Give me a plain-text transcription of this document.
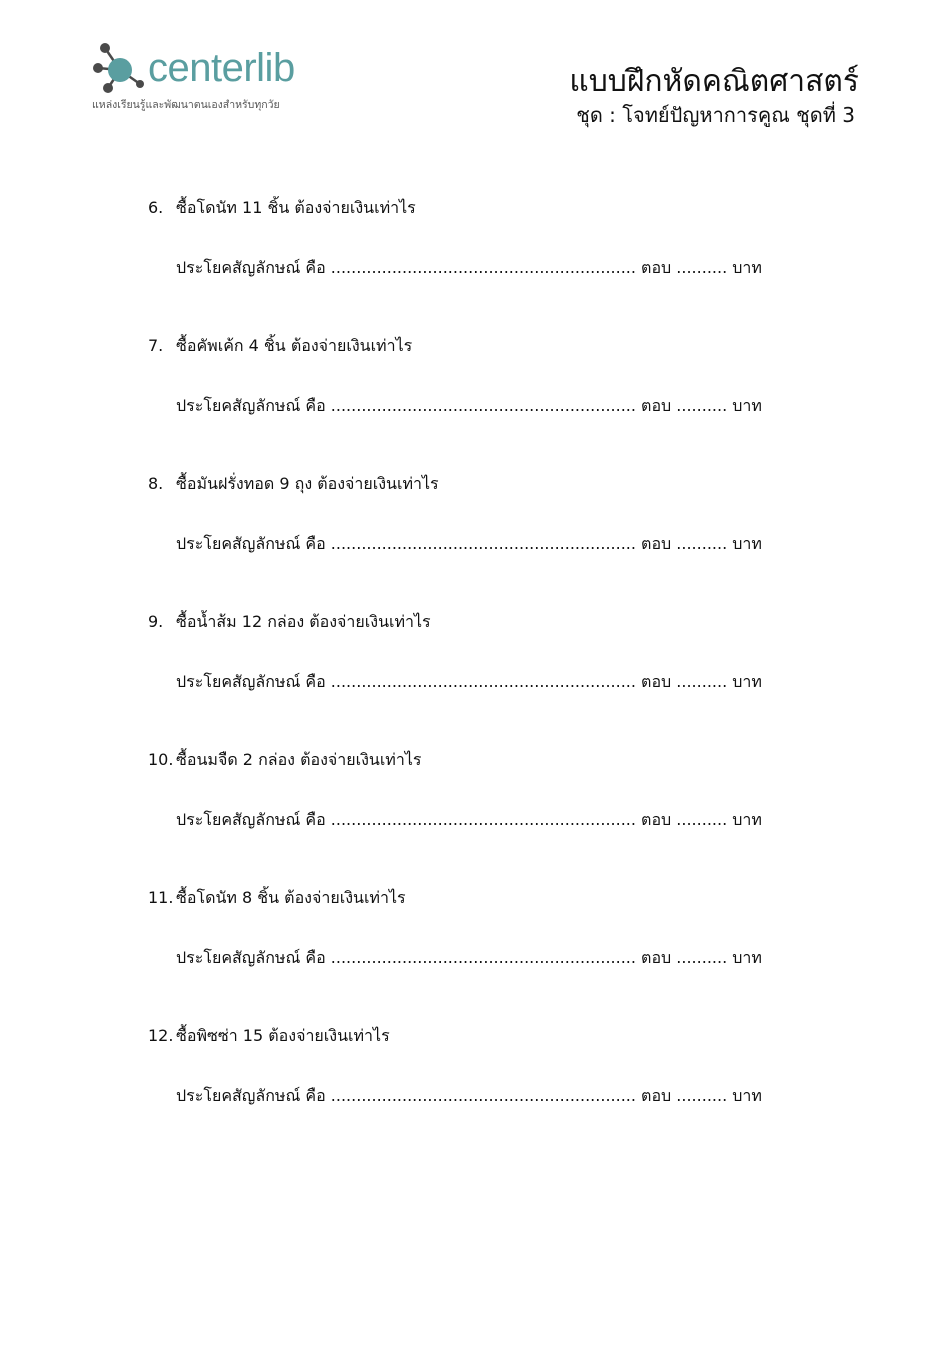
centerlib
แหล่งเรียนรู้และพัฒนาตนเองสำหรับทุกวัย
แบบฝึกหัดคณิตศาสตร์
ชุด : โจทย์ปัญหาการคูณ ชุดที่ 3
6. ซื้อโดนัท 11 ชิ้น ต้องจ่ายเงินเท่าไร
ประโยคสัญลักษณ์ คือ ............................................................ ตอบ .......... บาท
7. ซื้อคัพเค้ก 4 ชิ้น ต้องจ่ายเงินเท่าไร
ประโยคสัญลักษณ์ คือ ............................................................ ตอบ .......... บาท
8. ซื้อมันฝรั่งทอด 9 ถุง ต้องจ่ายเงินเท่าไร
ประโยคสัญลักษณ์ คือ ............................................................ ตอบ .......... บาท
9. ซื้อน้ำส้ม 12 กล่อง ต้องจ่ายเงินเท่าไร
ประโยคสัญลักษณ์ คือ ............................................................ ตอบ .......... บาท
10. ซื้อนมจืด 2 กล่อง ต้องจ่ายเงินเท่าไร
ประโยคสัญลักษณ์ คือ ............................................................ ตอบ .......... บาท
11. ซื้อโดนัท 8 ชิ้น ต้องจ่ายเงินเท่าไร
ประโยคสัญลักษณ์ คือ ............................................................ ตอบ .......... บาท
12. ซื้อพิซซ่า 15 ต้องจ่ายเงินเท่าไร
ประโยคสัญลักษณ์ คือ ............................................................ ตอบ .......... บาท
